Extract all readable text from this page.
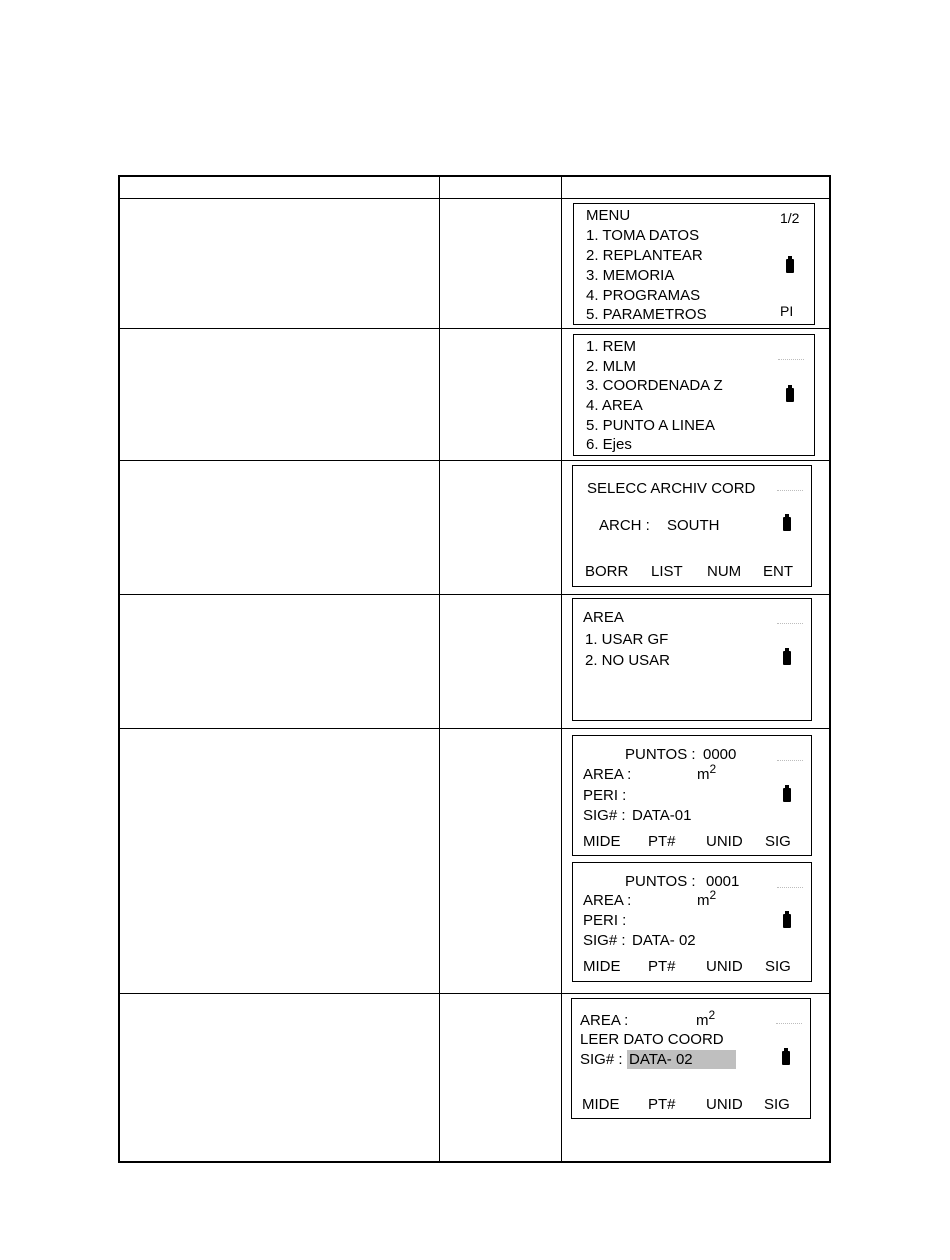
MENU	1/2
1. TOMA DATOS
2. REPLANTEAR
3. MEMORIA
4. PROGRAMAS
5. PARAMETROS	PI
1. REM
2. MLM
3. COORDENADA Z
4. AREA
5. PUNTO A LINEA
6. Ejes
SELECC ARCHIV CORD
ARCH : SOUTH
BORR LIST NUM ENT
AREA
1. USAR GF
2. NO USAR
PUNTOS : 0000
AREA :	$m^2$
PERI :
SIG# : DATA-01
MIDE PT# UNID SIG
PUNTOS : 0001
AREA :	$m^2$
PERI :
SIG# : DATA- 02
MIDE PT# UNID SIG
AREA :	$m^2$
LEER DATO COORD
SIG# : DATA- 02
MIDE PT# UNID SIG
